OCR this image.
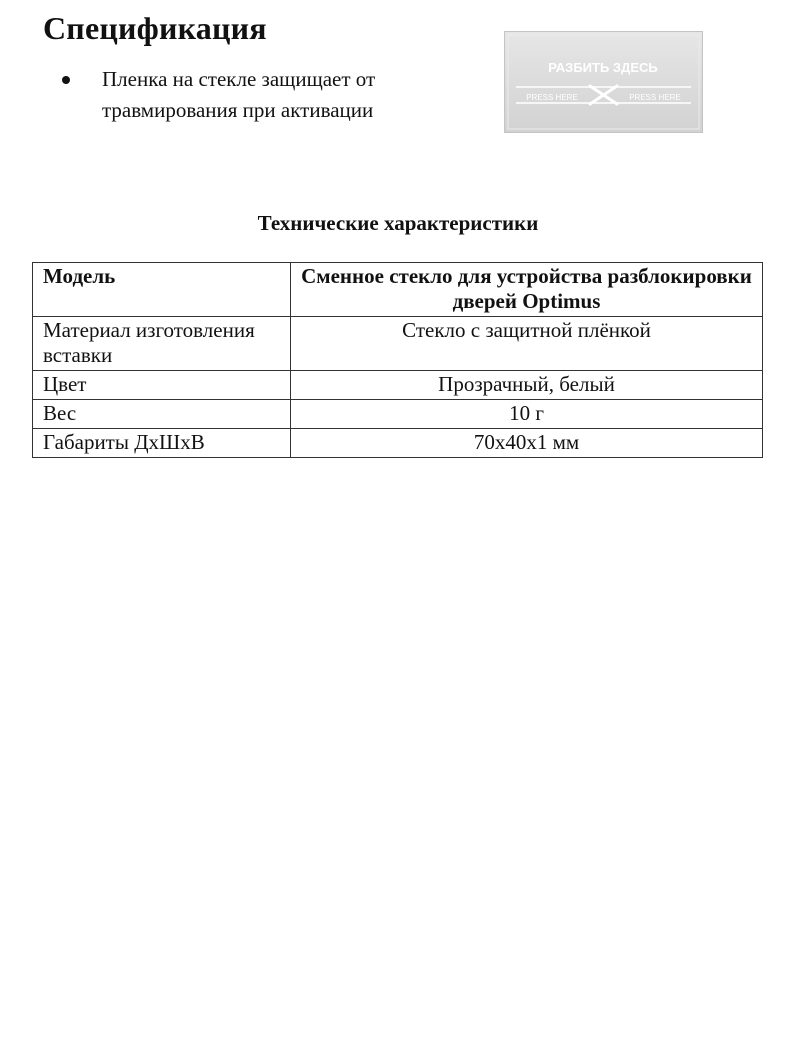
Спецификация
Пленка на стекле защищает от травмирования при активации
РАЗБИТЬ ЗДЕСЬ
PRESS HERE	PRESS HERE
Технические характеристики
Модель	Сменное стекло для устройства разблокировки дверей Optimus
Материал изготовления вставки	Стекло с защитной плёнкой
Цвет	Прозрачный, белый
Вес	10 г
Габариты ДхШхВ	70x40x1 мм
